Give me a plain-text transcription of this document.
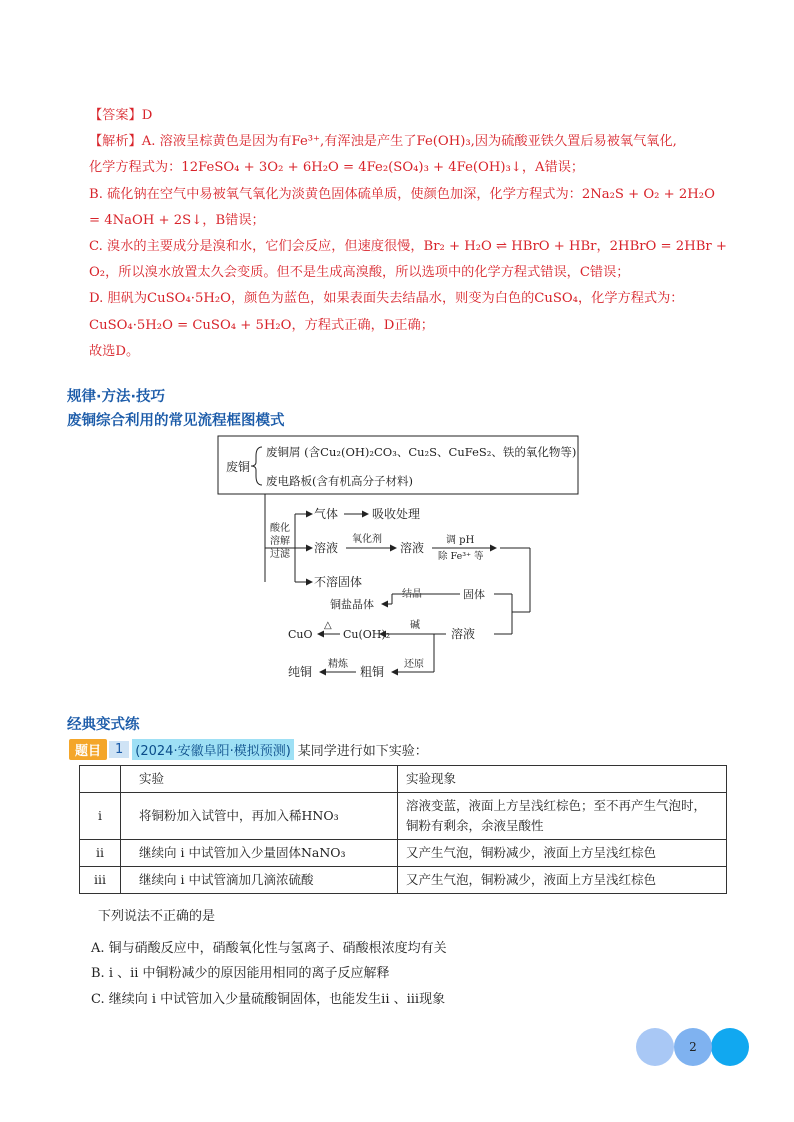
【答案】D
【解析】A. 溶液呈棕黄色是因为有Fe³⁺,有浑浊是产生了Fe(OH)₃,因为硫酸亚铁久置后易被氧气氧化,
化学方程式为：12FeSO₄ + 3O₂ + 6H₂O = 4Fe₂(SO₄)₃ + 4Fe(OH)₃↓，A错误；
B. 硫化钠在空气中易被氧气氧化为淡黄色固体硫单质，使颜色加深，化学方程式为：2Na₂S + O₂ + 2H₂O
= 4NaOH + 2S↓，B错误；
C. 溴水的主要成分是溴和水，它们会反应，但速度很慢，Br₂ + H₂O ⇌ HBrO + HBr，2HBrO = 2HBr +
O₂，所以溴水放置太久会变质。但不是生成高溴酸，所以选项中的化学方程式错误，C错误；
D. 胆矾为CuSO₄·5H₂O，颜色为蓝色，如果表面失去结晶水，则变为白色的CuSO₄，化学方程式为：
CuSO₄·5H₂O = CuSO₄ + 5H₂O，方程式正确，D正确；
故选D。
规律·方法·技巧
废铜综合利用的常见流程框图模式
废铜
废铜屑 (含Cu₂(OH)₂CO₃、Cu₂S、CuFeS₂、铁的氧化物等)
废电路板(含有机高分子材料)
酸化
溶解
过滤
气体	吸收处理
溶液
氧化剂
溶液
调 pH
除 Fe³⁺ 等
不溶固体
固体
结晶
铜盐晶体
溶液
碱
Cu(OH)₂
△
CuO
还原
粗铜
精炼
纯铜
经典变式练
题目	1 (2024·安徽阜阳·模拟预测) 某同学进行如下实验：
	实验	实验现象
i	将铜粉加入试管中，再加入稀HNO₃	溶液变蓝，液面上方呈浅红棕色；至不再产生气泡时，铜粉有剩余，余液呈酸性
ii	继续向 i 中试管加入少量固体NaNO₃	又产生气泡，铜粉减少，液面上方呈浅红棕色
iii	继续向 i 中试管滴加几滴浓硫酸	又产生气泡，铜粉减少，液面上方呈浅红棕色
下列说法不正确的是
A. 铜与硝酸反应中，硝酸氧化性与氢离子、硝酸根浓度均有关
B. i 、ii 中铜粉减少的原因能用相同的离子反应解释
C. 继续向 i 中试管加入少量硫酸铜固体，也能发生ii 、iii现象
2
